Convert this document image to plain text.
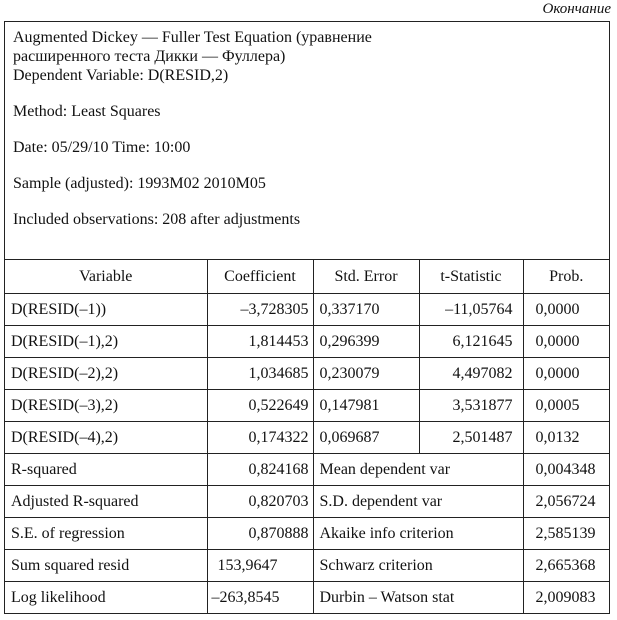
Окончание
Augmented Dickey — Fuller Test Equation (уравнение
расширенного теста Дикки — Фуллера)
Dependent Variable: D(RESID,2)
Method: Least Squares
Date: 05/29/10 Time: 10:00
Sample (adjusted): 1993M02 2010M05
Included observations: 208 after adjustments
Variable	Coefficient	Std. Error	t-Statistic	Prob.
D(RESID(–1))	–3,728305	0,337170	–11,05764	0,0000
D(RESID(–1),2)	1,814453	0,296399	6,121645	0,0000
D(RESID(–2),2)	1,034685	0,230079	4,497082	0,0000
D(RESID(–3),2)	0,522649	0,147981	3,531877	0,0005
D(RESID(–4),2)	0,174322	0,069687	2,501487	0,0132
R-squared	0,824168	Mean dependent var		0,004348
Adjusted R-squared	0,820703	S.D. dependent var		2,056724
S.E. of regression	0,870888	Akaike info criterion		2,585139
Sum squared resid	153,9647	Schwarz criterion		2,665368
Log likelihood	–263,8545	Durbin – Watson stat		2,009083
